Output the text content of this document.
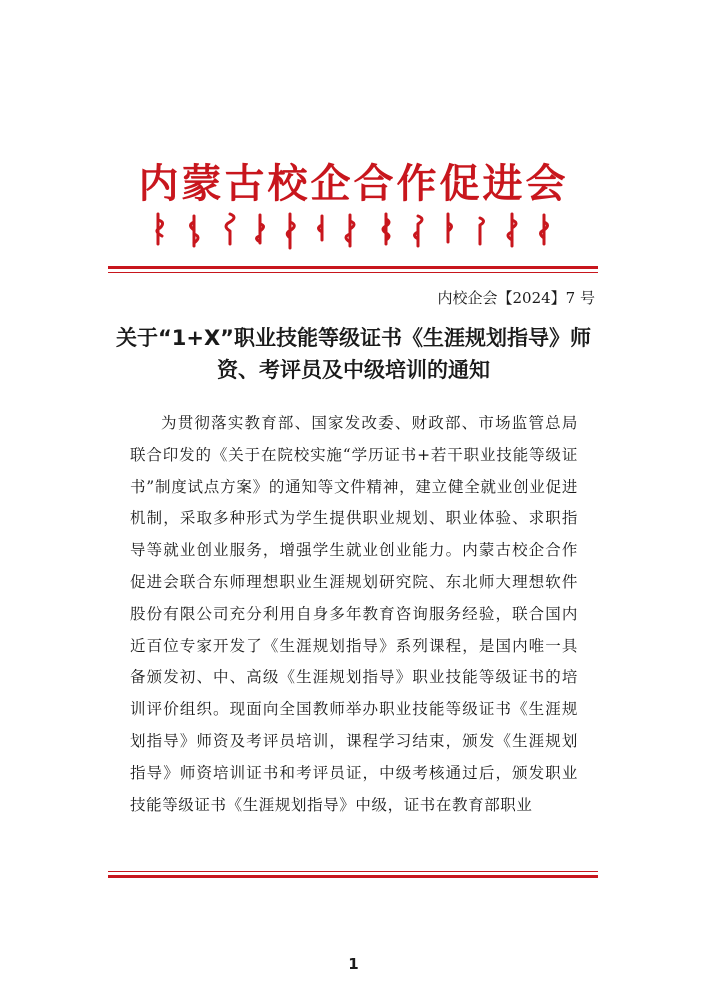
内蒙古校企合作促进会
内校企会【2024】7 号
关于“1+X”职业技能等级证书《生涯规划指导》师资、考评员及中级培训的通知
为贯彻落实教育部、国家发改委、财政部、市场监管总局联合印发的《关于在院校实施“学历证书+若干职业技能等级证书”制度试点方案》的通知等文件精神，建立健全就业创业促进机制，采取多种形式为学生提供职业规划、职业体验、求职指导等就业创业服务，增强学生就业创业能力。内蒙古校企合作促进会联合东师理想职业生涯规划研究院、东北师大理想软件股份有限公司充分利用自身多年教育咨询服务经验，联合国内近百位专家开发了《生涯规划指导》系列课程，是国内唯一具备颁发初、中、高级《生涯规划指导》职业技能等级证书的培训评价组织。现面向全国教师举办职业技能等级证书《生涯规划指导》师资及考评员培训，课程学习结束，颁发《生涯规划指导》师资培训证书和考评员证，中级考核通过后，颁发职业技能等级证书《生涯规划指导》中级，证书在教育部职业
1
